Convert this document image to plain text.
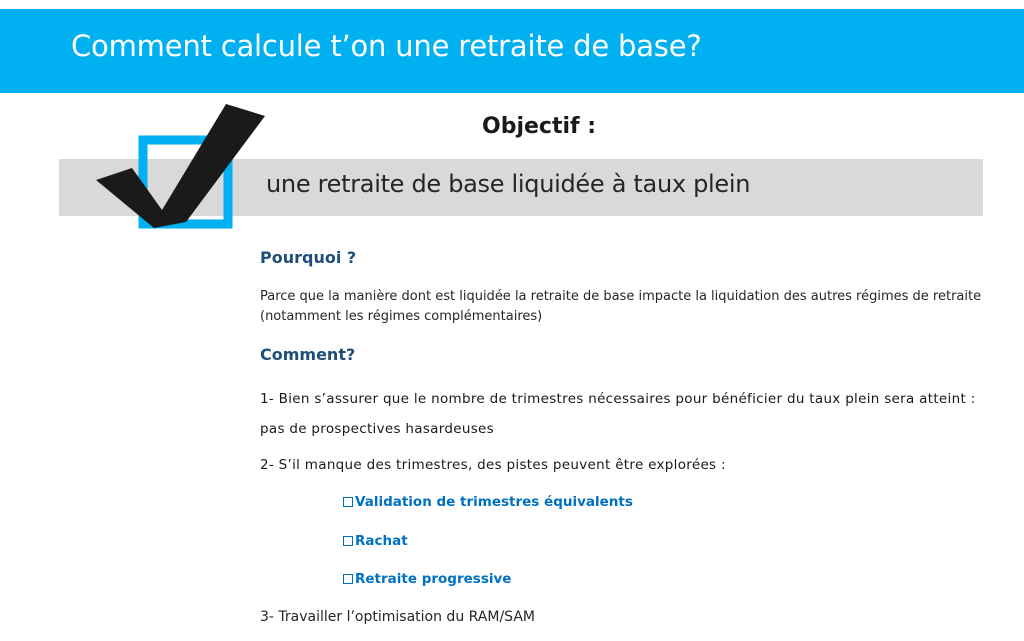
Comment calcule t’on une retraite de base?
Objectif :
une retraite de base liquidée à taux plein
Pourquoi ?
Parce que la manière dont est liquidée la retraite de base impacte la liquidation des autres régimes de retraite (notamment les régimes complémentaires)
Comment?
1- Bien s’assurer que le nombre de trimestres nécessaires pour bénéficier du taux plein sera atteint : pas de prospectives hasardeuses
2- S’il manque des trimestres, des pistes peuvent être explorées :
Validation de trimestres équivalents
Rachat
Retraite progressive
3- Travailler l’optimisation du RAM/SAM
